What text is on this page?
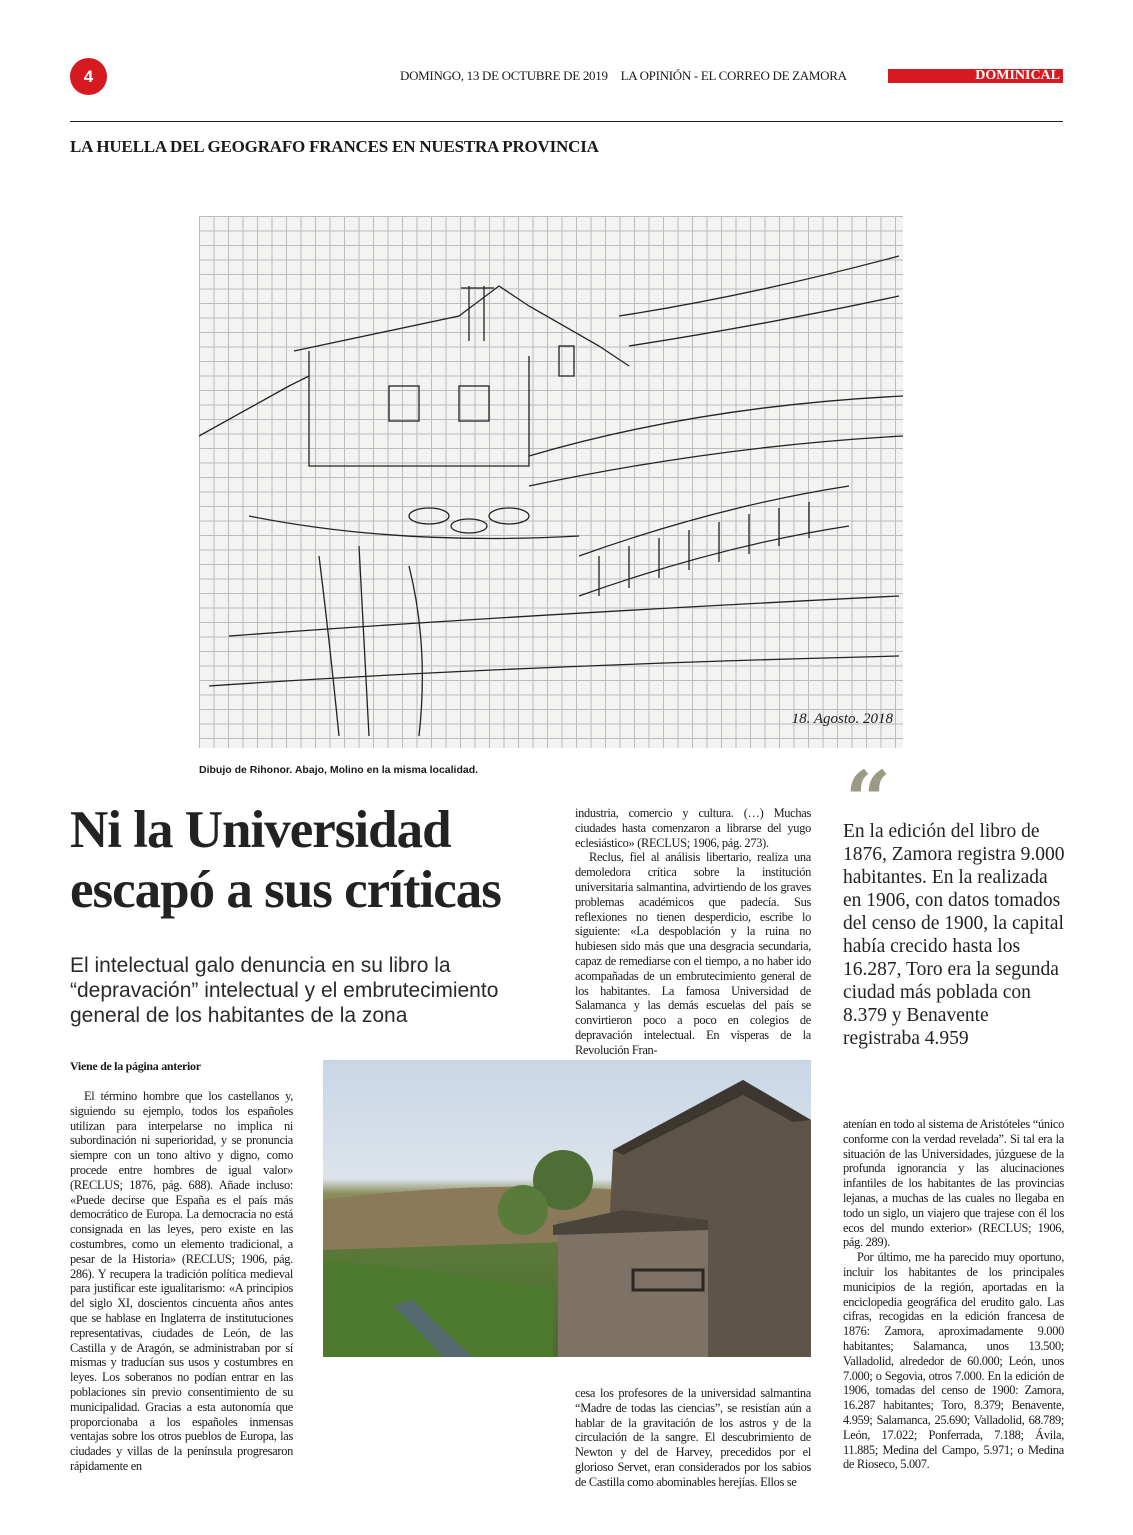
4	DOMINGO, 13 DE OCTUBRE DE 2019 LA OPINIÓN - EL CORREO DE ZAMORA	DOMINICAL
LA HUELLA DEL GEOGRAFO FRANCES EN NUESTRA PROVINCIA
18. Agosto. 2018
Dibujo de Rihonor. Abajo, Molino en la misma localidad.
Ni la Universidad escapó a sus críticas
El intelectual galo denuncia en su libro la “depravación” intelectual y el embrutecimiento general de los habitantes de la zona
Viene de la página anterior

El término hombre que los castellanos y, siguiendo su ejemplo, todos los españoles utilizan para interpelarse no implica ni subordinación ni superioridad, y se pronuncia siempre con un tono altivo y digno, como procede entre hombres de igual valor» (RECLUS; 1876, pág. 688). Añade incluso: «Puede decirse que España es el país más democrático de Europa. La democracia no está consignada en las leyes, pero existe en las costumbres, como un elemento tradicional, a pesar de la Historia» (RECLUS; 1906, pág. 286). Y recupera la tradición política medieval para justificar este igualitarismo: «A principios del siglo XI, doscientos cincuenta años antes que se hablase en Inglaterra de institutuciones representativas, ciudades de León, de las Castilla y de Aragón, se administraban por sí mismas y traducían sus usos y costumbres en leyes. Los soberanos no podían entrar en las poblaciones sin previo consentimiento de su municipalidad. Gracias a esta autonomía que proporcionaba a los españoles inmensas ventajas sobre los otros pueblos de Europa, las ciudades y villas de la península progresaron rápidamente en

industria, comercio y cultura. (…) Muchas ciudades hasta comenzaron a librarse del yugo eclesiástico» (RECLUS; 1906, pág. 273).

Reclus, fiel al análisis libertario, realiza una demoledora crítica sobre la institución universitaria salmantina, advirtiendo de los graves problemas académicos que padecía. Sus reflexiones no tienen desperdicio, escribe lo siguiente: «La despoblación y la ruina no hubiesen sido más que una desgracia secundaria, capaz de remediarse con el tiempo, a no haber ido acompañadas de un embrutecimiento general de los habitantes. La famosa Universidad de Salamanca y las demás escuelas del país se convirtieron poco a poco en colegios de depravación intelectual. En vísperas de la Revolución Fran-

cesa los profesores de la universidad salmantina “Madre de todas las ciencias”, se resistían aún a hablar de la gravitación de los astros y de la circulación de la sangre. El descubrimiento de Newton y del de Harvey, precedidos por el glorioso Servet, eran considerados por los sabios de Castilla como abominables herejías. Ellos se

“
En la edición del libro de 1876, Zamora registra 9.000 habitantes. En la realizada en 1906, con datos tomados del censo de 1900, la capital había crecido hasta los 16.287, Toro era la segunda ciudad más poblada con 8.379 y Benavente registraba 4.959

atenían en todo al sistema de Aristóteles “único conforme con la verdad revelada”. Si tal era la situación de las Universidades, júzguese de la profunda ignorancia y las alucinaciones infantiles de los habitantes de las provincias lejanas, a muchas de las cuales no llegaba en todo un siglo, un viajero que trajese con él los ecos del mundo exterior» (RECLUS; 1906, pág. 289).

Por último, me ha parecido muy oportuno, incluir los habitantes de los principales municipios de la región, aportadas en la enciclopedia geográfica del erudito galo. Las cifras, recogidas en la edición francesa de 1876: Zamora, aproximadamente 9.000 habitantes; Salamanca, unos 13.500; Valladolid, alrededor de 60.000; León, unos 7.000; o Segovia, otros 7.000. En la edición de 1906, tomadas del censo de 1900: Zamora, 16.287 habitantes; Toro, 8.379; Benavente, 4.959; Salamanca, 25.690; Valladolid, 68.789; León, 17.022; Ponferrada, 7.188; Ávila, 11.885; Medina del Campo, 5.971; o Medina de Rioseco, 5.007.
